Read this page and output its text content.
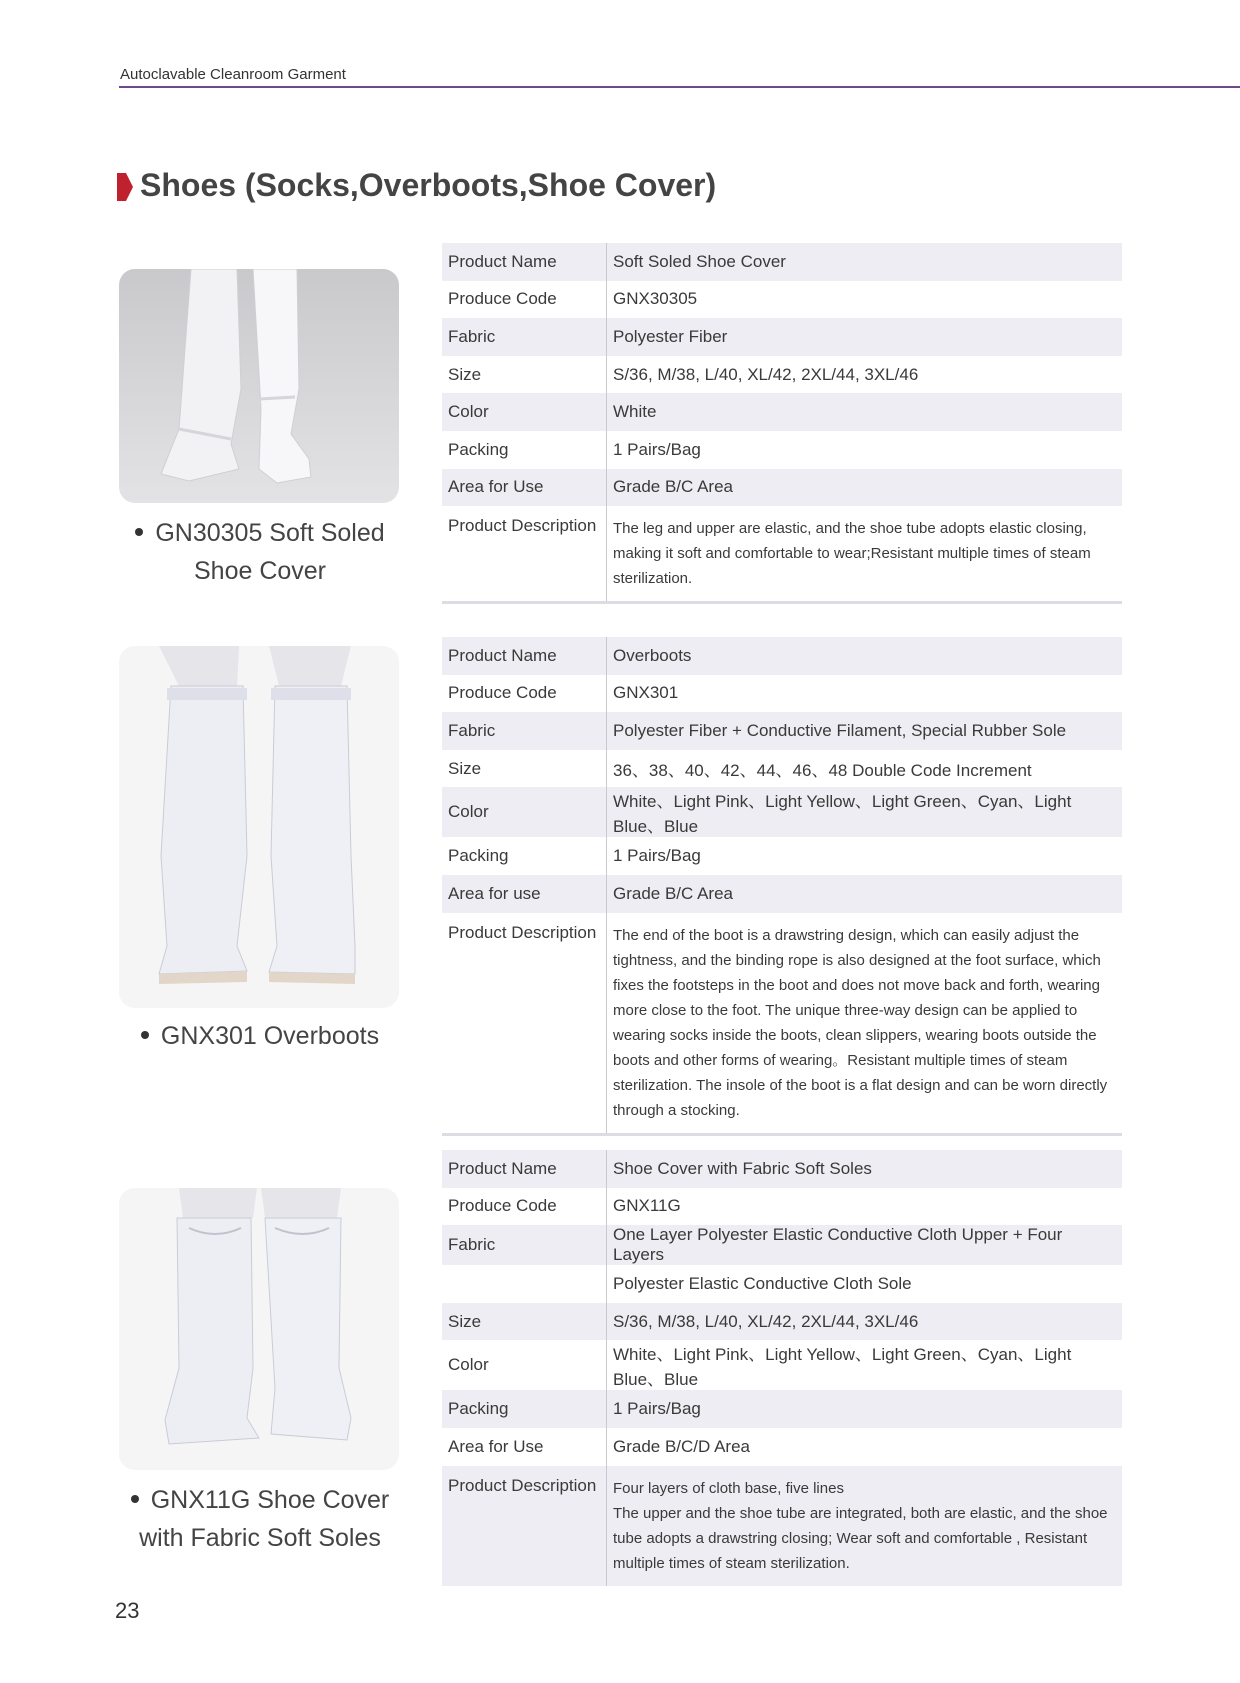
Autoclavable Cleanroom Garment
Shoes (Socks,Overboots,Shoe Cover)
GN30305 Soft Soled
Shoe Cover
Product Name	Soft Soled Shoe Cover
Produce Code	GNX30305
Fabric	Polyester Fiber
Size	S/36, M/38, L/40, XL/42, 2XL/44, 3XL/46
Color	White
Packing	1 Pairs/Bag
Area for Use	Grade B/C Area
Product Description	The leg and upper are elastic, and the shoe tube adopts elastic closing, making it soft and comfortable to wear;Resistant multiple times of steam sterilization.
GNX301 Overboots
Product Name	Overboots
Produce Code	GNX301
Fabric	Polyester Fiber + Conductive Filament, Special Rubber Sole
Size	36、38、40、42、44、46、48 Double Code Increment
Color	White、Light Pink、Light Yellow、Light Green、Cyan、Light Blue、Blue
Packing	1 Pairs/Bag
Area for use	Grade B/C Area
Product Description	The end of the boot is a drawstring design, which can easily adjust the tightness, and the binding rope is also designed at the foot surface, which fixes the footsteps in the boot and does not move back and forth, wearing more close to the foot. The unique three-way design can be applied to wearing socks inside the boots, clean slippers, wearing boots outside the boots and other forms of wearing。Resistant multiple times of steam sterilization. The insole of the boot is a flat design and can be worn directly through a stocking.
GNX11G Shoe Cover
with Fabric Soft Soles
Product Name	Shoe Cover with Fabric Soft Soles
Produce Code	GNX11G
Fabric	One Layer Polyester Elastic Conductive Cloth Upper + Four Layers
	Polyester Elastic Conductive Cloth Sole
Size	S/36, M/38, L/40, XL/42, 2XL/44, 3XL/46
Color	White、Light Pink、Light Yellow、Light Green、Cyan、Light Blue、Blue
Packing	1 Pairs/Bag
Area for Use	Grade B/C/D Area
Product Description	Four layers of cloth base, five lines
The upper and the shoe tube are integrated, both are elastic, and the shoe tube adopts a drawstring closing; Wear soft and comfortable , Resistant multiple times of steam sterilization.
23
